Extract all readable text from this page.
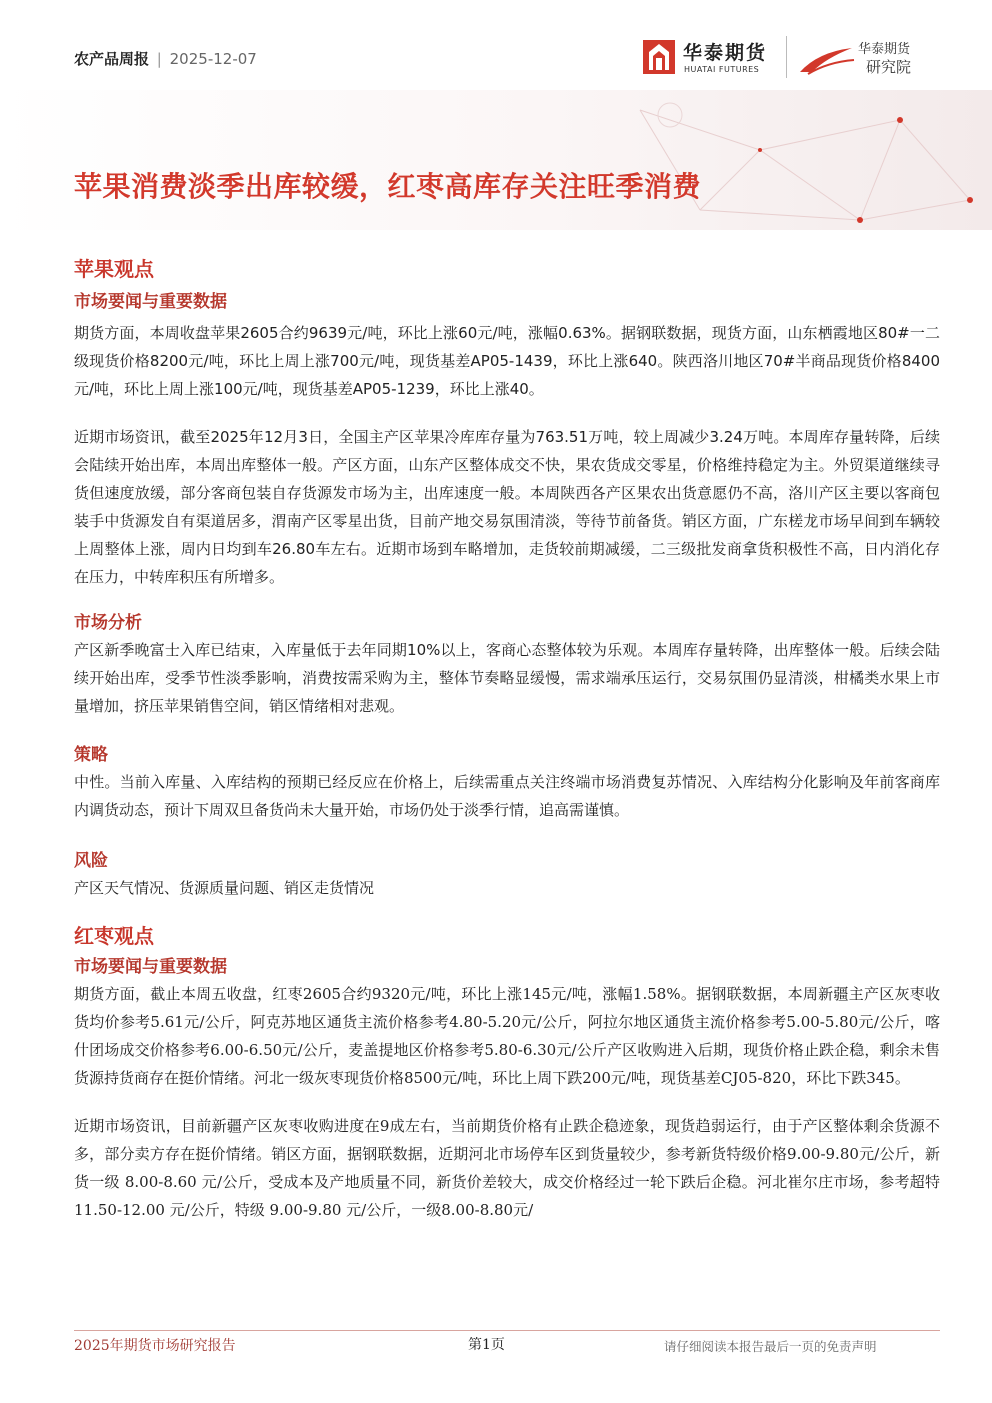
农产品周报 | 2025-12-07	华泰期货
HUATAI FUTURES
华泰期货
研究院
苹果消费淡季出库较缓，红枣高库存关注旺季消费
苹果观点
市场要闻与重要数据

期货方面，本周收盘苹果2605合约9639元/吨，环比上涨60元/吨，涨幅0.63%。据钢联数据，现货方面，山东栖霞地区80#一二级现货价格8200元/吨，环比上周上涨700元/吨，现货基差AP05-1439，环比上涨640。陕西洛川地区70#半商品现货价格8400元/吨，环比上周上涨100元/吨，现货基差AP05-1239，环比上涨40。

近期市场资讯，截至2025年12月3日，全国主产区苹果冷库库存量为763.51万吨，较上周减少3.24万吨。本周库存量转降，后续会陆续开始出库，本周出库整体一般。产区方面，山东产区整体成交不快，果农货成交零星，价格维持稳定为主。外贸渠道继续寻货但速度放缓，部分客商包装自存货源发市场为主，出库速度一般。本周陕西各产区果农出货意愿仍不高，洛川产区主要以客商包装手中货源发自有渠道居多，渭南产区零星出货，目前产地交易氛围清淡，等待节前备货。销区方面，广东槎龙市场早间到车辆较上周整体上涨，周内日均到车26.80车左右。近期市场到车略增加，走货较前期减缓，二三级批发商拿货积极性不高，日内消化存在压力，中转库积压有所增多。

市场分析

产区新季晚富士入库已结束，入库量低于去年同期10%以上，客商心态整体较为乐观。本周库存量转降，出库整体一般。后续会陆续开始出库，受季节性淡季影响，消费按需采购为主，整体节奏略显缓慢，需求端承压运行，交易氛围仍显清淡，柑橘类水果上市量增加，挤压苹果销售空间，销区情绪相对悲观。

策略

中性。当前入库量、入库结构的预期已经反应在价格上，后续需重点关注终端市场消费复苏情况、入库结构分化影响及年前客商库内调货动态，预计下周双旦备货尚未大量开始，市场仍处于淡季行情，追高需谨慎。

风险

产区天气情况、货源质量问题、销区走货情况

红枣观点
市场要闻与重要数据

期货方面，截止本周五收盘，红枣2605合约9320元/吨，环比上涨145元/吨，涨幅1.58%。据钢联数据，本周新疆主产区灰枣收货均价参考5.61元/公斤，阿克苏地区通货主流价格参考4.80-5.20元/公斤，阿拉尔地区通货主流价格参考5.00-5.80元/公斤，喀什团场成交价格参考6.00-6.50元/公斤，麦盖提地区价格参考5.80-6.30元/公斤产区收购进入后期，现货价格止跌企稳，剩余未售货源持货商存在挺价情绪。河北一级灰枣现货价格8500元/吨，环比上周下跌200元/吨，现货基差CJ05-820，环比下跌345。

近期市场资讯，目前新疆产区灰枣收购进度在9成左右，当前期货价格有止跌企稳迹象，现货趋弱运行，由于产区整体剩余货源不多，部分卖方存在挺价情绪。销区方面，据钢联数据，近期河北市场停车区到货量较少，参考新货特级价格9.00-9.80元/公斤，新货一级 8.00-8.60 元/公斤，受成本及产地质量不同，新货价差较大，成交价格经过一轮下跌后企稳。河北崔尔庄市场，参考超特 11.50-12.00 元/公斤，特级 9.00-9.80 元/公斤，一级8.00-8.80元/

2025年期货市场研究报告	第1页	请仔细阅读本报告最后一页的免责声明
